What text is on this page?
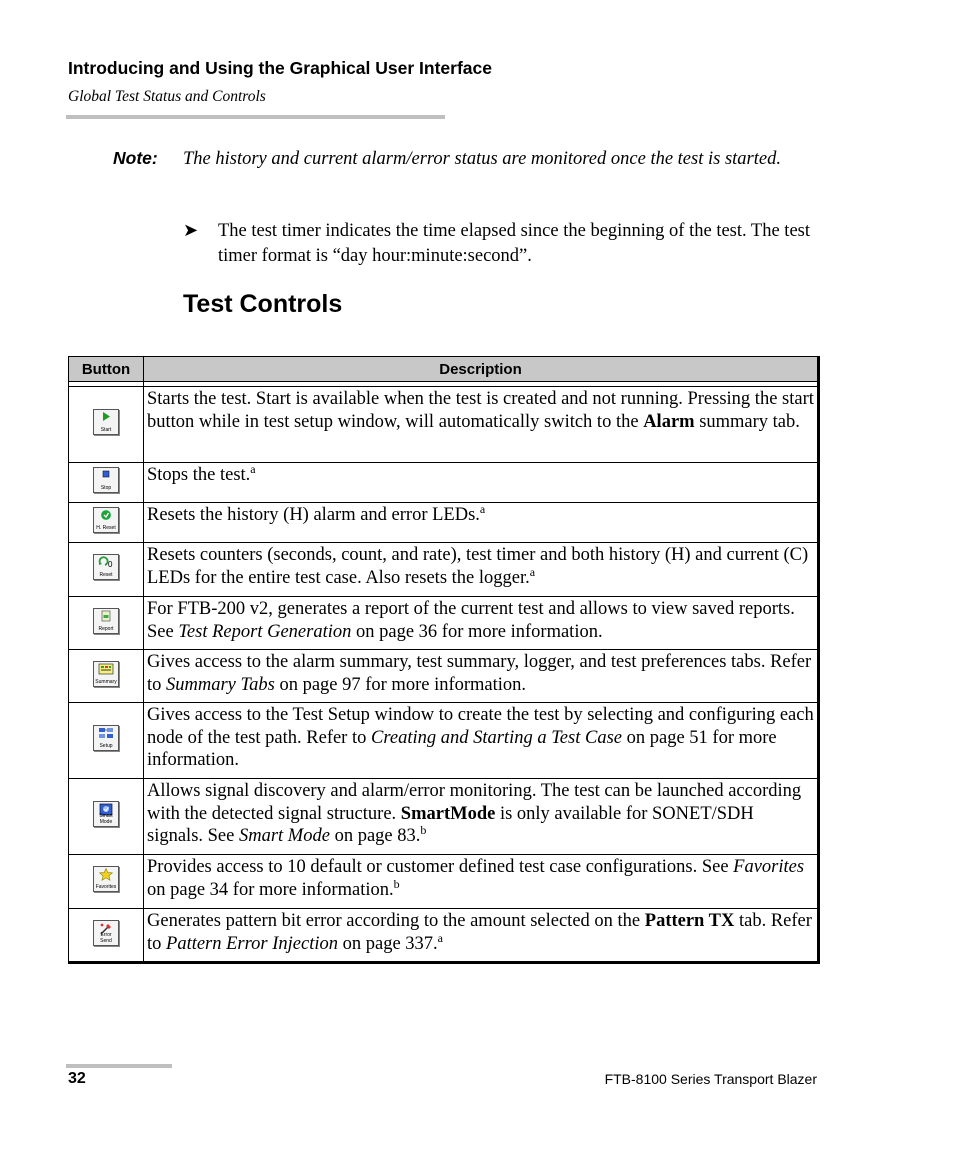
Introducing and Using the Graphical User Interface
Global Test Status and Controls
Note: The history and current alarm/error status are monitored once the test is started.
➤ The test timer indicates the time elapsed since the beginning of the test. The test timer format is “day hour:minute:second”.
Test Controls
Button	Description

Start	Starts the test. Start is available when the test is created and not running. Pressing the start button while in test setup window, will automatically switch to the Alarm summary tab.

Stop	Stops the test.$^a$

H. Reset	Resets the history (H) alarm and error LEDs.$^a$

0
Reset	Resets counters (seconds, count, and rate), test timer and both history (H) and current (C) LEDs for the entire test case. Also resets the logger.$^a$

Report	For FTB-200 v2, generates a report of the current test and allows to view saved reports. See Test Report Generation on page 36 for more information.

Summary	Gives access to the alarm summary, test summary, logger, and test preferences tabs. Refer to Summary Tabs on page 97 for more information.

Setup	Gives access to the Test Setup window to create the test by selecting and configuring each node of the test path. Refer to Creating and Starting a Test Case on page 51 for more information.

Smart Mode	Allows signal discovery and alarm/error monitoring. The test can be launched according with the detected signal structure. SmartMode is only available for SONET/SDH signals. See Smart Mode on page 83.$^b$

Favorites	Provides access to 10 default or customer defined test case configurations. See Favorites on page 34 for more information.$^b$

Error Send	Generates pattern bit error according to the amount selected on the Pattern TX tab. Refer to Pattern Error Injection on page 337.$^a$
32	FTB-8100 Series Transport Blazer
